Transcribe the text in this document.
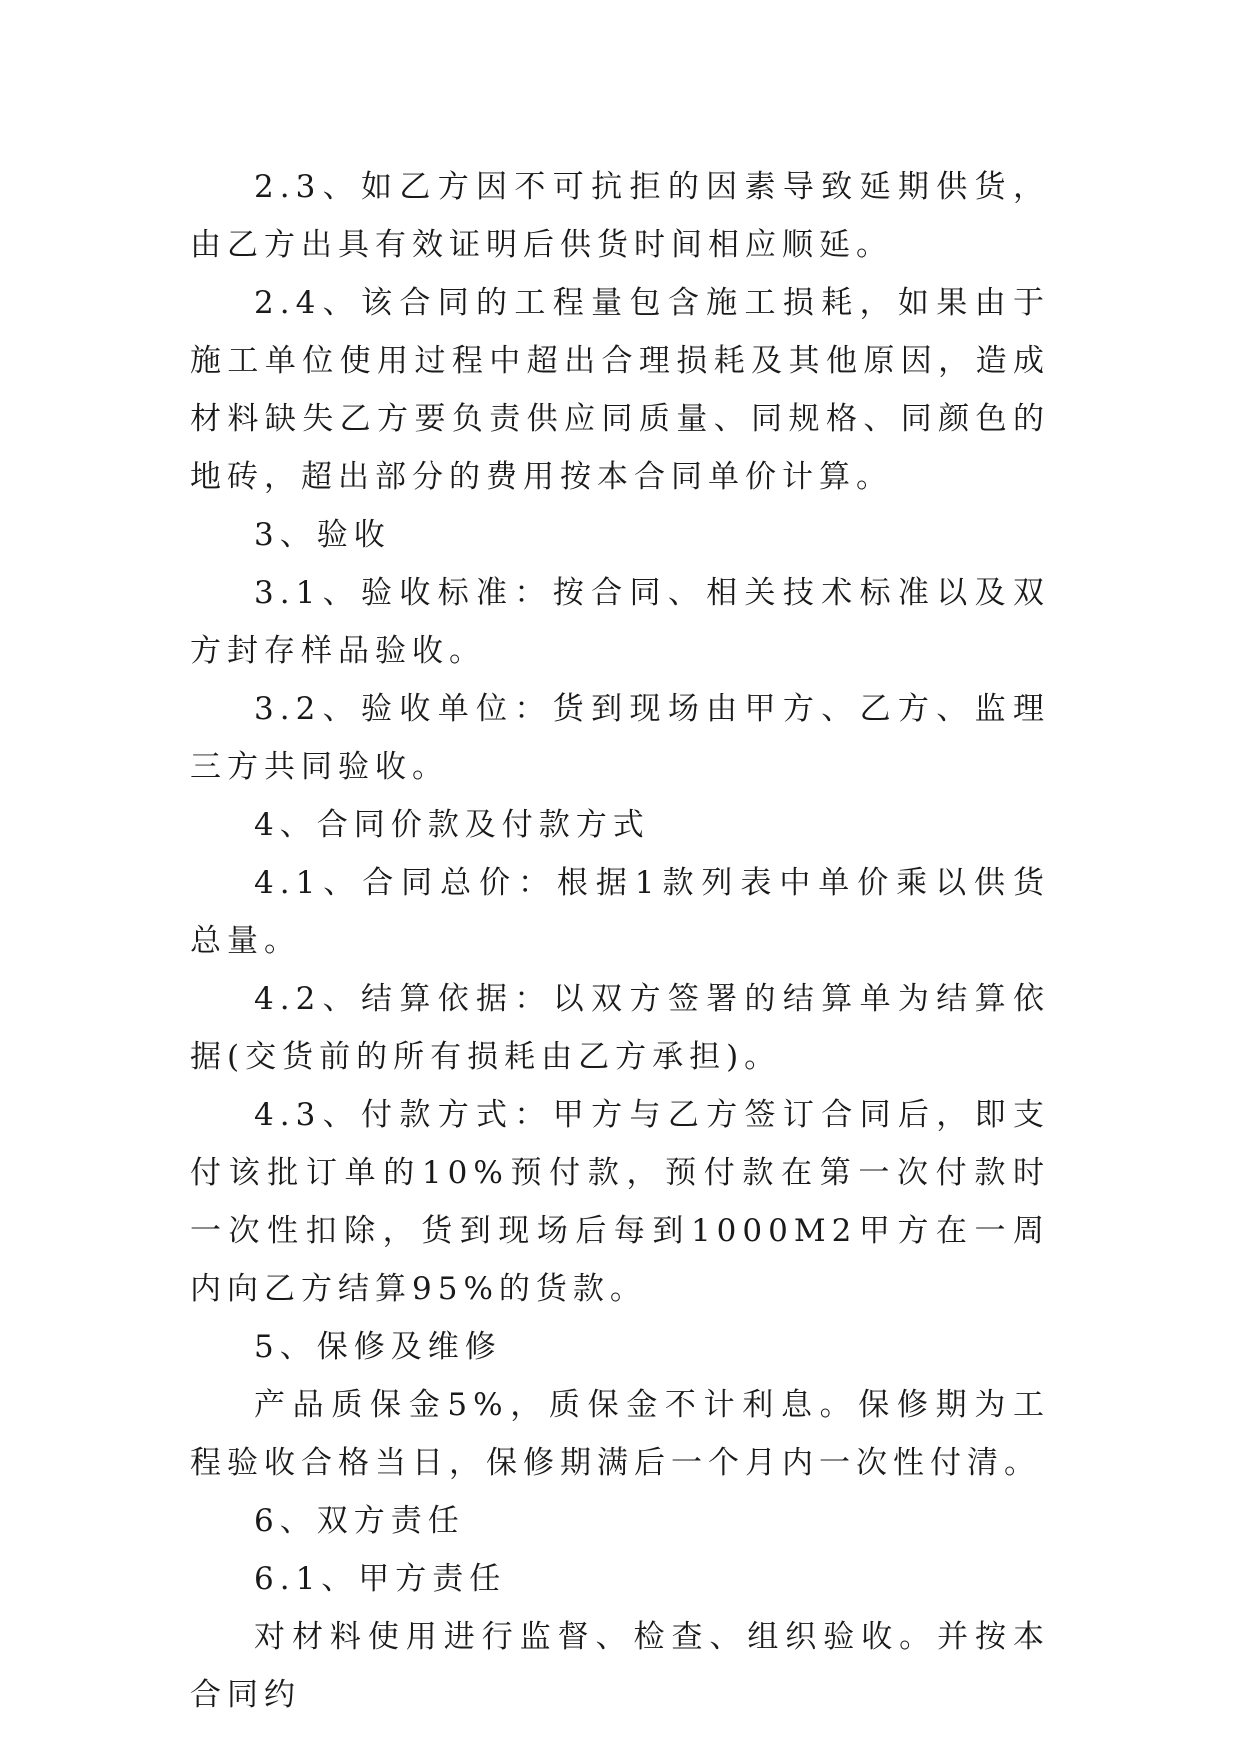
2.3、如乙方因不可抗拒的因素导致延期供货，由乙方出具有效证明后供货时间相应顺延。

2.4、该合同的工程量包含施工损耗，如果由于施工单位使用过程中超出合理损耗及其他原因，造成材料缺失乙方要负责供应同质量、同规格、同颜色的地砖，超出部分的费用按本合同单价计算。

3、验收

3.1、验收标准：按合同、相关技术标准以及双方封存样品验收。

3.2、验收单位：货到现场由甲方、乙方、监理三方共同验收。

4、合同价款及付款方式

4.1、合同总价：根据1款列表中单价乘以供货总量。

4.2、结算依据：以双方签署的结算单为结算依据(交货前的所有损耗由乙方承担)。

4.3、付款方式：甲方与乙方签订合同后，即支付该批订单的10%预付款，预付款在第一次付款时一次性扣除，货到现场后每到1000M2甲方在一周内向乙方结算95%的货款。

5、保修及维修

产品质保金5%，质保金不计利息。保修期为工程验收合格当日，保修期满后一个月内一次性付清。

6、双方责任

6.1、甲方责任

对材料使用进行监督、检查、组织验收。并按本合同约
